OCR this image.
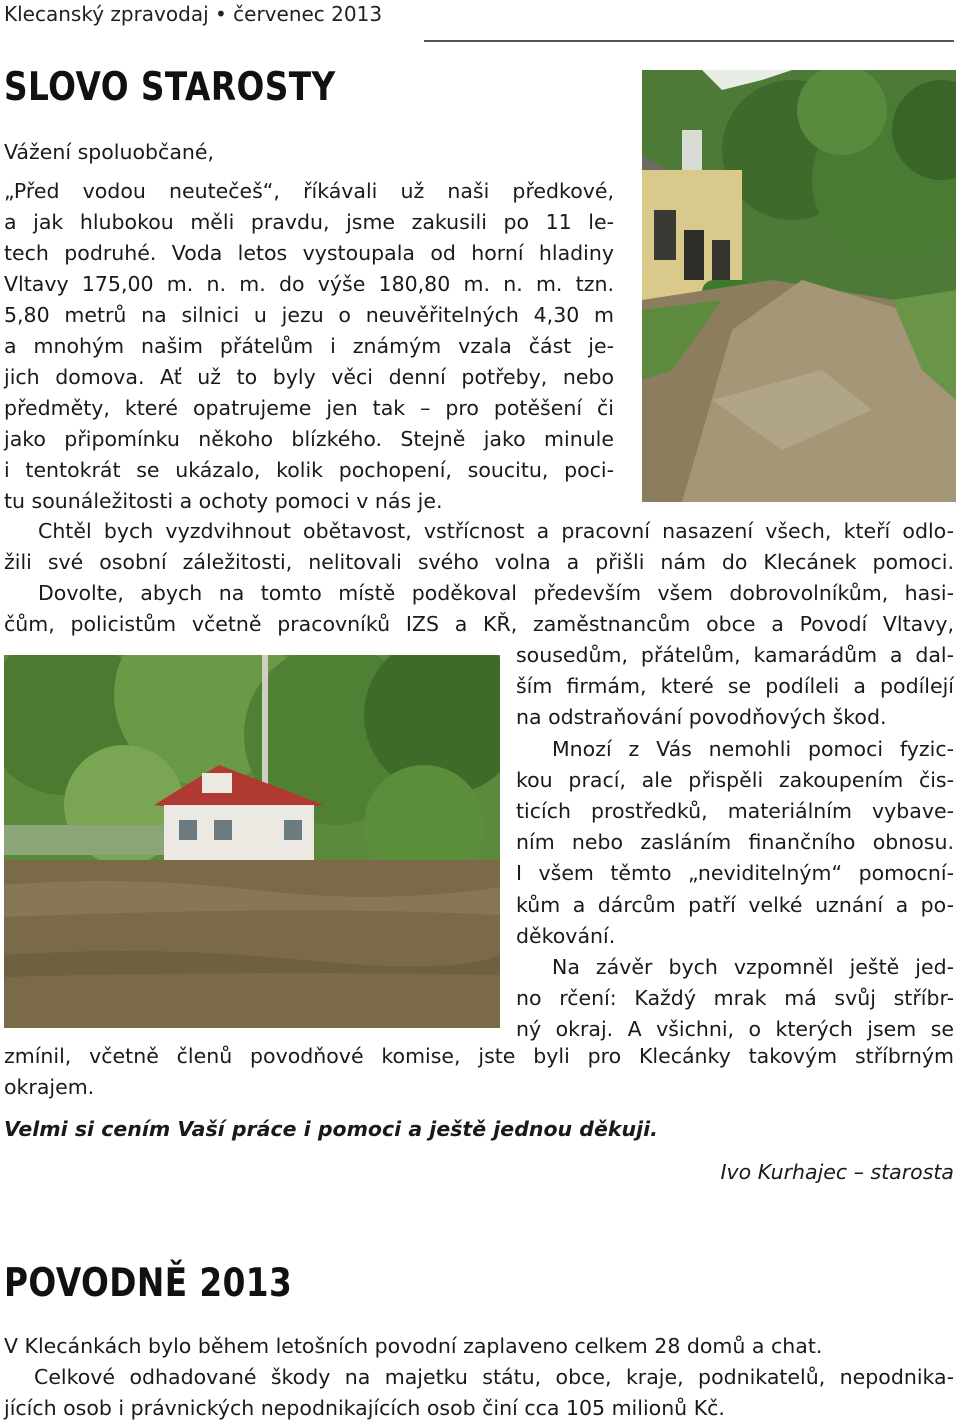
Klecanský zpravodaj • červenec 2013
SLOVO STAROSTY
Vážení spoluobčané,
„Před vodou neutečeš“, říkávali už naši předkové,
a jak hlubokou měli pravdu, jsme zakusili po 11 le-
tech podruhé. Voda letos vystoupala od horní hladiny
Vltavy 175,00 m. n. m. do výše 180,80 m. n. m. tzn.
5,80 metrů na silnici u jezu o neuvěřitelných 4,30 m
a mnohým našim přátelům i známým vzala část je-
jich domova. Ať už to byly věci denní potřeby, nebo
předměty, které opatrujeme jen tak – pro potěšení či
jako připomínku někoho blízkého. Stejně jako minule
i tentokrát se ukázalo, kolik pochopení, soucitu, poci-
tu sounáležitosti a ochoty pomoci v nás je.
Chtěl bych vyzdvihnout obětavost, vstřícnost a pracovní nasazení všech, kteří odlo-
žili své osobní záležitosti, nelitovali svého volna a přišli nám do Klecánek pomoci.
Dovolte, abych na tomto místě poděkoval především všem dobrovolníkům, hasi-
čům, policistům včetně pracovníků IZS a KŘ, zaměstnancům obce a Povodí Vltavy,
sousedům, přátelům, kamarádům a dal-
ším firmám, které se podíleli a podílejí
na odstraňování povodňových škod.
Mnozí z Vás nemohli pomoci fyzic-
kou prací, ale přispěli zakoupením čis-
ticích prostředků, materiálním vybave-
ním nebo zasláním finančního obnosu.
I všem těmto „neviditelným“ pomocní-
kům a dárcům patří velké uznání a po-
děkování.
Na závěr bych vzpomněl ještě jed-
no rčení: Každý mrak má svůj stříbr-
ný okraj. A všichni, o kterých jsem se
zmínil, včetně členů povodňové komise, jste byli pro Klecánky takovým stříbrným
okrajem.
Velmi si cením Vaší práce i pomoci a ještě jednou děkuji.
Ivo Kurhajec – starosta
POVODNĚ 2013
V Klecánkách bylo během letošních povodní zaplaveno celkem 28 domů a chat.
Celkové odhadované škody na majetku státu, obce, kraje, podnikatelů, nepodnika-
jících osob i právnických nepodnikajících osob činí cca 105 milionů Kč.
